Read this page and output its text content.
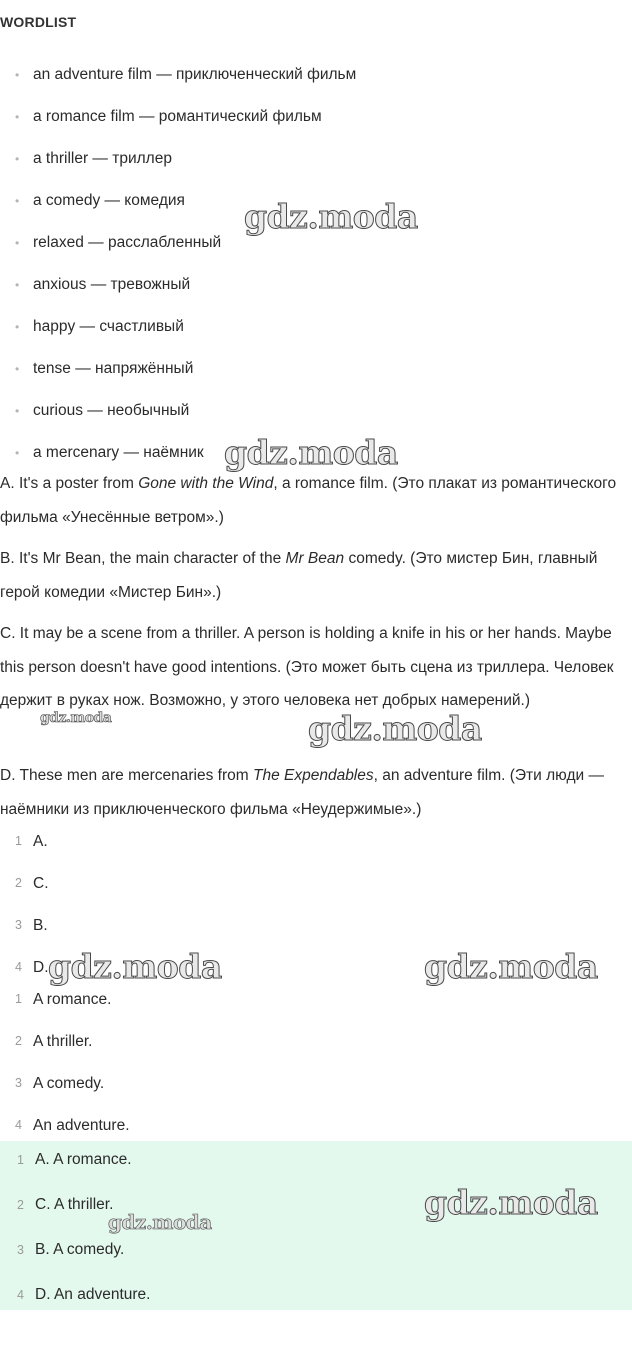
WORDLIST
• an adventure film — приключенческий фильм
• a romance film — романтический фильм
• a thriller — триллер
• a comedy — комедия
• relaxed — расслабленный
• anxious — тревожный
• happy — счастливый
• tense — напряжённый
• curious — необычный
• a mercenary — наёмник

A. It's a poster from Gone with the Wind, a romance film. (Это плакат из романтического фильма «Унесённые ветром».)

B. It's Mr Bean, the main character of the Mr Bean comedy. (Это мистер Бин, главный герой комедии «Мистер Бин».)

C. It may be a scene from a thriller. A person is holding a knife in his or her hands. Maybe this person doesn't have good intentions. (Это может быть сцена из триллера. Человек держит в руках нож. Возможно, у этого человека нет добрых намерений.)

D. These men are mercenaries from The Expendables, an adventure film. (Эти люди — наёмники из приключенческого фильма «Неудержимые».)

1 A.
2 C.
3 B.
4 D.
1 A romance.
2 A thriller.
3 A comedy.
4 An adventure.
1 A. A romance.
2 C. A thriller.
3 B. A comedy.
4 D. An adventure.
gdz.moda
gdz.moda
gdz.moda	gdz.moda
gdz.moda	gdz.moda
gdz.moda
gdz.moda
